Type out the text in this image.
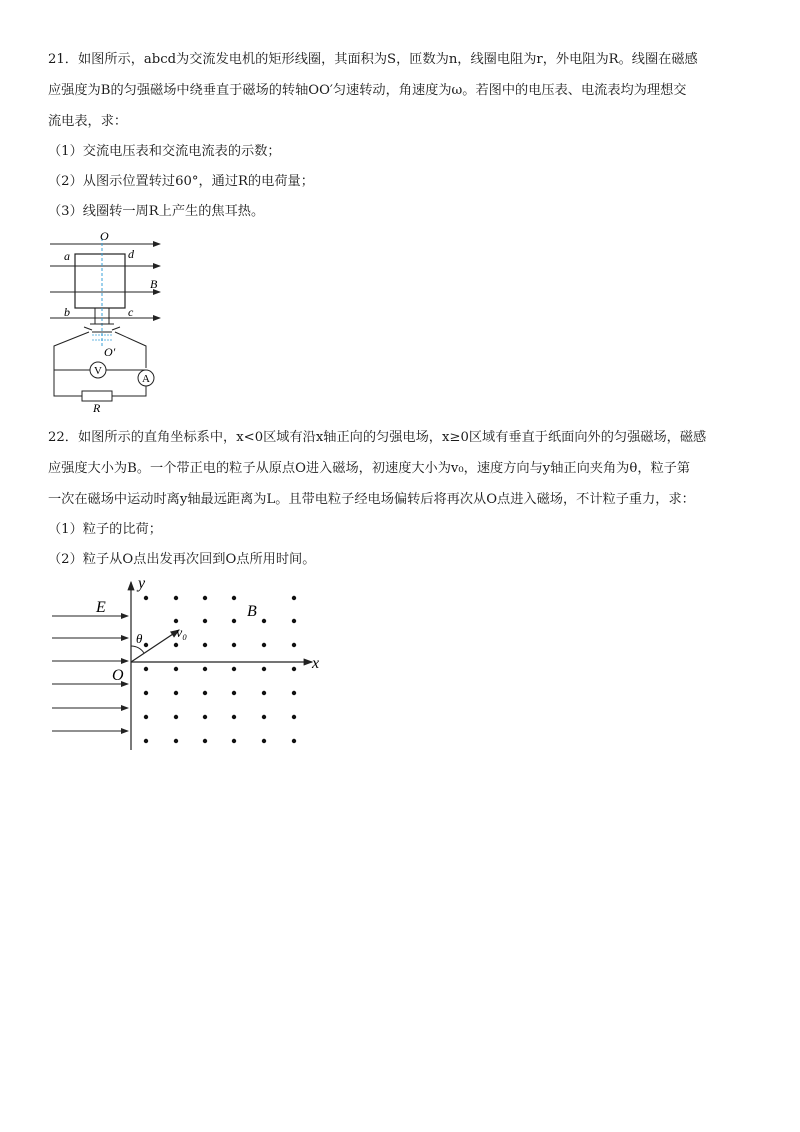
21．如图所示，abcd为交流发电机的矩形线圈，其面积为S，匝数为n，线圈电阻为r，外电阻为R。线圈在磁感
应强度为B的匀强磁场中绕垂直于磁场的转轴OO′匀速转动，角速度为ω。若图中的电压表、电流表均为理想交
流电表，求：
（1）交流电压表和交流电流表的示数；
（2）从图示位置转过60°，通过R的电荷量；
（3）线圈转一周R上产生的焦耳热。
V
A
R
O
O′
a	d
b	c
B
22．如图所示的直角坐标系中，x<0区域有沿x轴正向的匀强电场，x≥0区域有垂直于纸面向外的匀强磁场，磁感
应强度大小为B。一个带正电的粒子从原点O进入磁场，初速度大小为v₀，速度方向与y轴正向夹角为θ，粒子第
一次在磁场中运动时离y轴最远距离为L。且带电粒子经电场偏转后将再次从O点进入磁场，不计粒子重力，求：
（1）粒子的比荷；
（2）粒子从O点出发再次回到O点所用时间。
θ v₀
y
x
O
E	B
